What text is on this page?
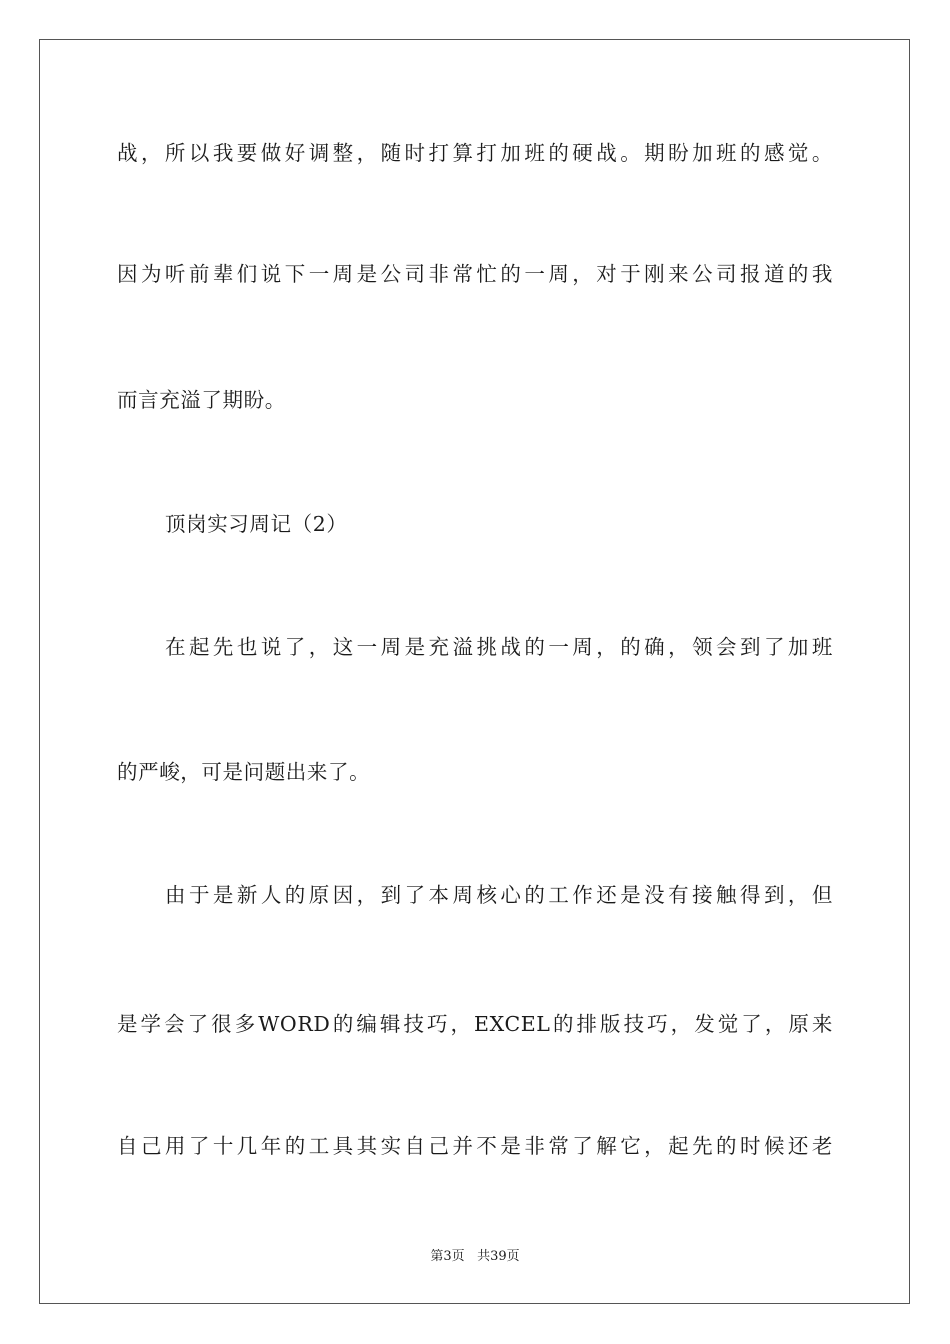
战，所以我要做好调整，随时打算打加班的硬战。期盼加班的感觉。
因为听前辈们说下一周是公司非常忙的一周，对于刚来公司报道的我
而言充溢了期盼。
顶岗实习周记（2）
在起先也说了，这一周是充溢挑战的一周，的确，领会到了加班
的严峻，可是问题出来了。
由于是新人的原因，到了本周核心的工作还是没有接触得到，但
是学会了很多WORD的编辑技巧，EXCEL的排版技巧，发觉了，原来
自己用了十几年的工具其实自己并不是非常了解它，起先的时候还老
第3页 共39页
